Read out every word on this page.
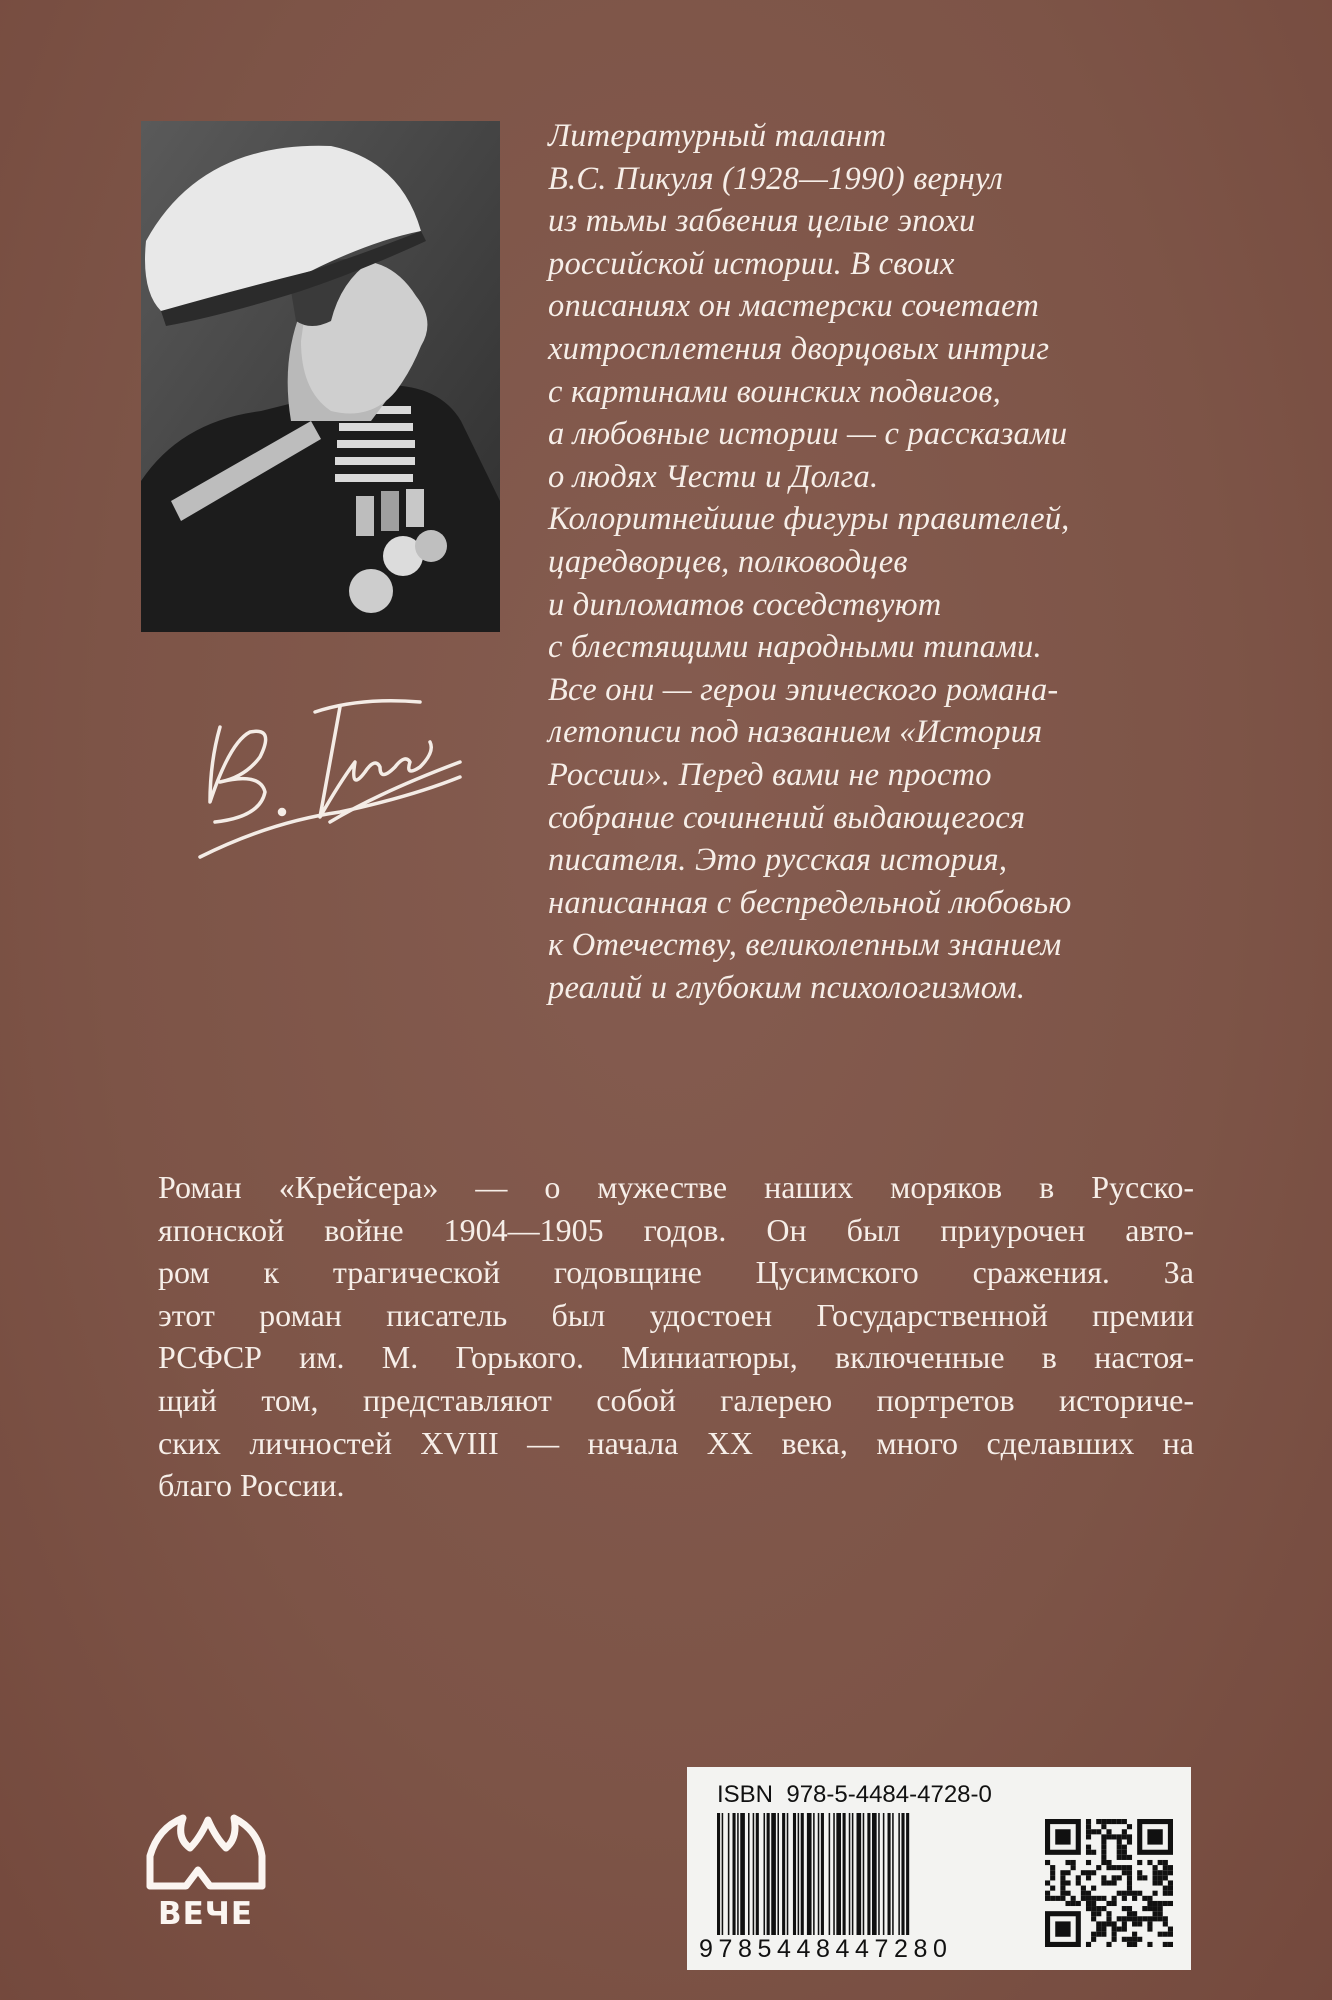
Литературный талант
В.С. Пикуля (1928—1990) вернул
из тьмы забвения целые эпохи
российской истории. В своих
описаниях он мастерски сочетает
хитросплетения дворцовых интриг
с картинами воинских подвигов,
а любовные истории — с рассказами
о людях Чести и Долга.
Колоритнейшие фигуры правителей,
царедворцев, полководцев
и дипломатов соседствуют
с блестящими народными типами.
Все они — герои эпического романа-
летописи под названием «История
России». Перед вами не просто
собрание сочинений выдающегося
писателя. Это русская история,
написанная с беспредельной любовью
к Отечеству, великолепным знанием
реалий и глубоким психологизмом.
Роман «Крейсера» — о мужестве наших моряков в Русско-
японской войне 1904—1905 годов. Он был приурочен авто-
ром к трагической годовщине Цусимского сражения. За
этот роман писатель был удостоен Государственной премии
РСФСР им. М. Горького. Миниатюры, включенные в настоя-
щий том, представляют собой галерею портретов историче-
ских личностей XVIII — начала XX века, много сделавших на
благо России.
ВЕЧЕ
ISBN 978-5-4484-4728-0
9785448447280
